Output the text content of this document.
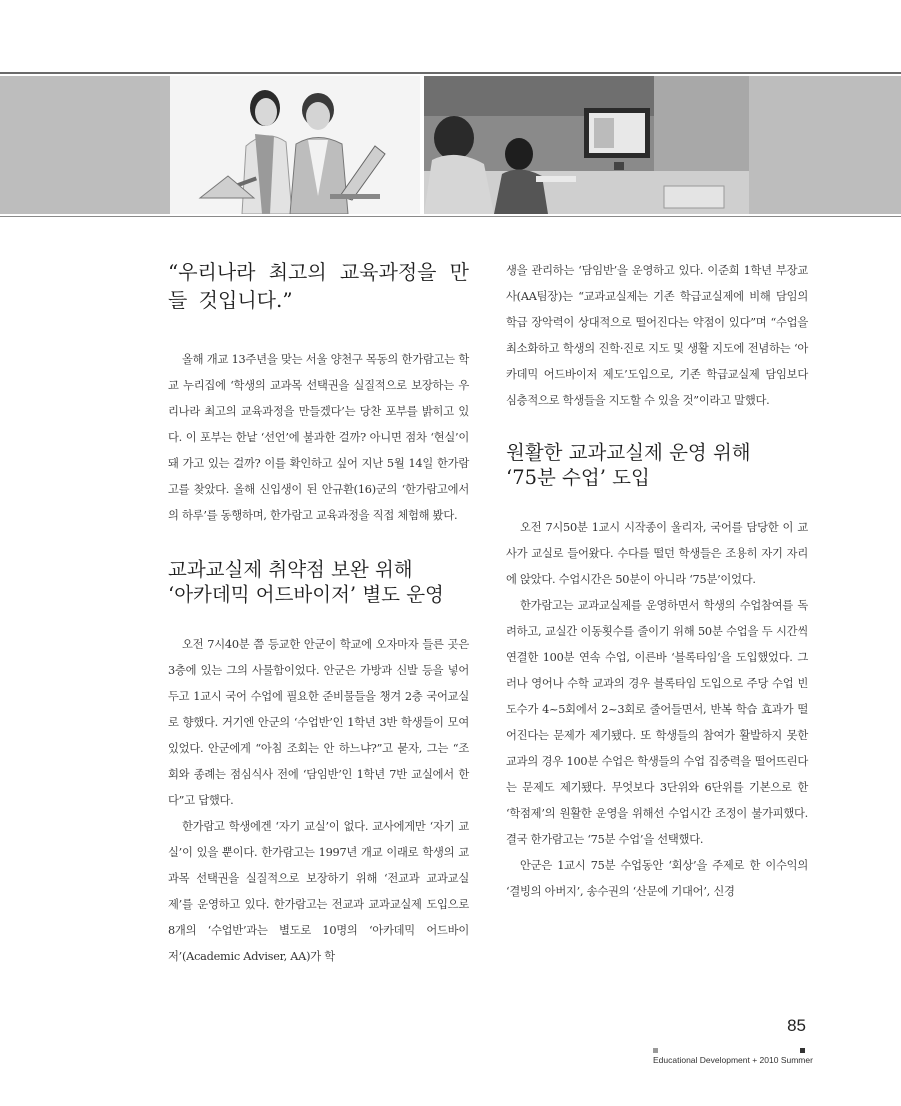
“우리나라 최고의 교육과정을 만들 것입니다.”

올해 개교 13주년을 맞는 서울 양천구 목동의 한가람고는 학교 누리집에 ‘학생의 교과목 선택권을 실질적으로 보장하는 우리나라 최고의 교육과정을 만들겠다’는 당찬 포부를 밝히고 있다. 이 포부는 한낱 ‘선언’에 불과한 걸까? 아니면 점차 ‘현실’이 돼 가고 있는 걸까? 이를 확인하고 싶어 지난 5월 14일 한가람고를 찾았다. 올해 신입생이 된 안규환(16)군의 ‘한가람고에서의 하루’를 동행하며, 한가람고 교육과정을 직접 체험해 봤다.

교과교실제 취약점 보완 위해
‘아카데믹 어드바이저’ 별도 운영

오전 7시40분 쯤 등교한 안군이 학교에 오자마자 들른 곳은 3층에 있는 그의 사물함이었다. 안군은 가방과 신발 등을 넣어두고 1교시 국어 수업에 필요한 준비물들을 챙겨 2층 국어교실로 향했다. 거기엔 안군의 ‘수업반’인 1학년 3반 학생들이 모여 있었다. 안군에게 “아침 조회는 안 하느냐?”고 묻자, 그는 “조회와 종례는 점심식사 전에 ‘담임반’인 1학년 7반 교실에서 한다”고 답했다.

한가람고 학생에겐 ‘자기 교실’이 없다. 교사에게만 ‘자기 교실’이 있을 뿐이다. 한가람고는 1997년 개교 이래로 학생의 교과목 선택권을 실질적으로 보장하기 위해 ‘전교과 교과교실제’를 운영하고 있다. 한가람고는 전교과 교과교실제 도입으로 8개의 ‘수업반’과는 별도로 10명의 ‘아카데믹 어드바이저’(Academic Adviser, AA)가 학

생을 관리하는 ‘담임반’을 운영하고 있다. 이준희 1학년 부장교사(AA팀장)는 “교과교실제는 기존 학급교실제에 비해 담임의 학급 장악력이 상대적으로 떨어진다는 약점이 있다”며 “수업을 최소화하고 학생의 진학·진로 지도 및 생활 지도에 전념하는 ‘아카데믹 어드바이저 제도’도입으로, 기존 학급교실제 담임보다 심층적으로 학생들을 지도할 수 있을 것”이라고 말했다.

원활한 교과교실제 운영 위해
‘75분 수업’ 도입

오전 7시50분 1교시 시작종이 울리자, 국어를 담당한 이 교사가 교실로 들어왔다. 수다를 떨던 학생들은 조용히 자기 자리에 앉았다. 수업시간은 50분이 아니라 ‘75분’이었다.

한가람고는 교과교실제를 운영하면서 학생의 수업참여를 독려하고, 교실간 이동횟수를 줄이기 위해 50분 수업을 두 시간씩 연결한 100분 연속 수업, 이른바 ‘블록타임’을 도입했었다. 그러나 영어나 수학 교과의 경우 블록타임 도입으로 주당 수업 빈도수가 4~5회에서 2~3회로 줄어들면서, 반복 학습 효과가 떨어진다는 문제가 제기됐다. 또 학생들의 참여가 활발하지 못한 교과의 경우 100분 수업은 학생들의 수업 집중력을 떨어뜨린다는 문제도 제기됐다. 무엇보다 3단위와 6단위를 기본으로 한 ‘학점제’의 원활한 운영을 위해선 수업시간 조정이 불가피했다. 결국 한가람고는 ‘75분 수업’을 선택했다.

안군은 1교시 75분 수업동안 ‘회상’을 주제로 한 이수익의 ‘결빙의 아버지’, 송수권의 ‘산문에 기대어’, 신경

85
Educational Development + 2010 Summer
